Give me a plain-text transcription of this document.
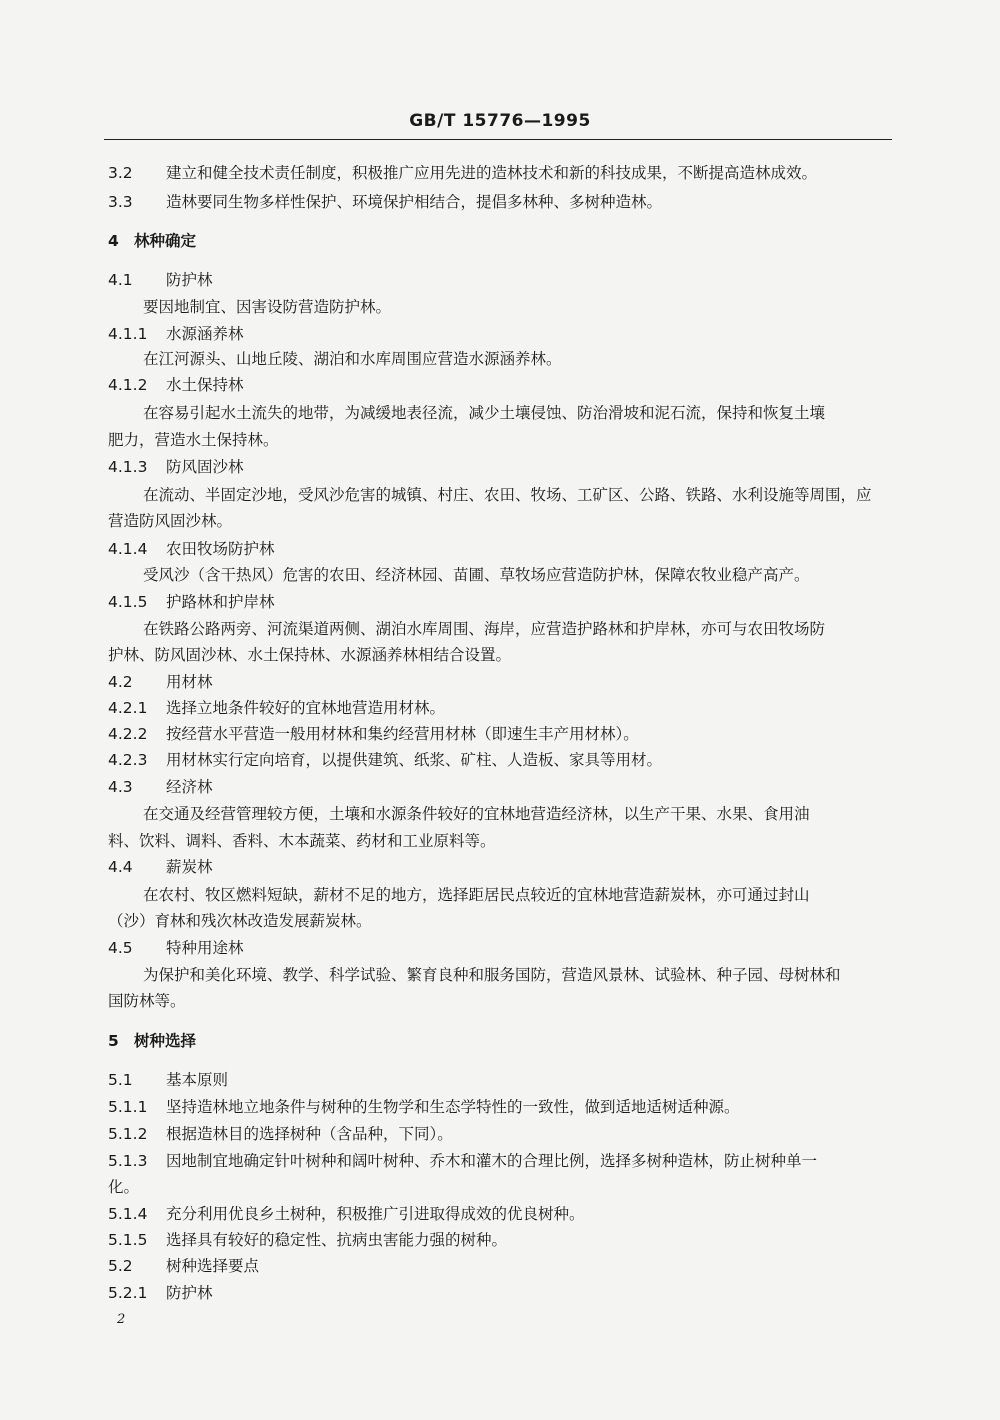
GB/T 15776—1995
3.2 建立和健全技术责任制度，积极推广应用先进的造林技术和新的科技成果，不断提高造林成效。
3.3 造林要同生物多样性保护、环境保护相结合，提倡多林种、多树种造林。
4 林种确定
4.1 防护林
要因地制宜、因害设防营造防护林。
4.1.1 水源涵养林
在江河源头、山地丘陵、湖泊和水库周围应营造水源涵养林。
4.1.2 水土保持林
在容易引起水土流失的地带，为减缓地表径流，减少土壤侵蚀、防治滑坡和泥石流，保持和恢复土壤
肥力，营造水土保持林。
4.1.3 防风固沙林
在流动、半固定沙地，受风沙危害的城镇、村庄、农田、牧场、工矿区、公路、铁路、水利设施等周围，应
营造防风固沙林。
4.1.4 农田牧场防护林
受风沙（含干热风）危害的农田、经济林园、苗圃、草牧场应营造防护林，保障农牧业稳产高产。
4.1.5 护路林和护岸林
在铁路公路两旁、河流渠道两侧、湖泊水库周围、海岸，应营造护路林和护岸林，亦可与农田牧场防
护林、防风固沙林、水土保持林、水源涵养林相结合设置。
4.2 用材林
4.2.1 选择立地条件较好的宜林地营造用材林。
4.2.2 按经营水平营造一般用材林和集约经营用材林（即速生丰产用材林）。
4.2.3 用材林实行定向培育，以提供建筑、纸浆、矿柱、人造板、家具等用材。
4.3 经济林
在交通及经营管理较方便，土壤和水源条件较好的宜林地营造经济林，以生产干果、水果、食用油
料、饮料、调料、香料、木本蔬菜、药材和工业原料等。
4.4 薪炭林
在农村、牧区燃料短缺，薪材不足的地方，选择距居民点较近的宜林地营造薪炭林，亦可通过封山
（沙）育林和残次林改造发展薪炭林。
4.5 特种用途林
为保护和美化环境、教学、科学试验、繁育良种和服务国防，营造风景林、试验林、种子园、母树林和
国防林等。
5 树种选择
5.1 基本原则
5.1.1 坚持造林地立地条件与树种的生物学和生态学特性的一致性，做到适地适树适种源。
5.1.2 根据造林目的选择树种（含品种，下同）。
5.1.3 因地制宜地确定针叶树种和阔叶树种、乔木和灌木的合理比例，选择多树种造林，防止树种单一
化。
5.1.4 充分利用优良乡土树种，积极推广引进取得成效的优良树种。
5.1.5 选择具有较好的稳定性、抗病虫害能力强的树种。
5.2 树种选择要点
5.2.1 防护林
2
